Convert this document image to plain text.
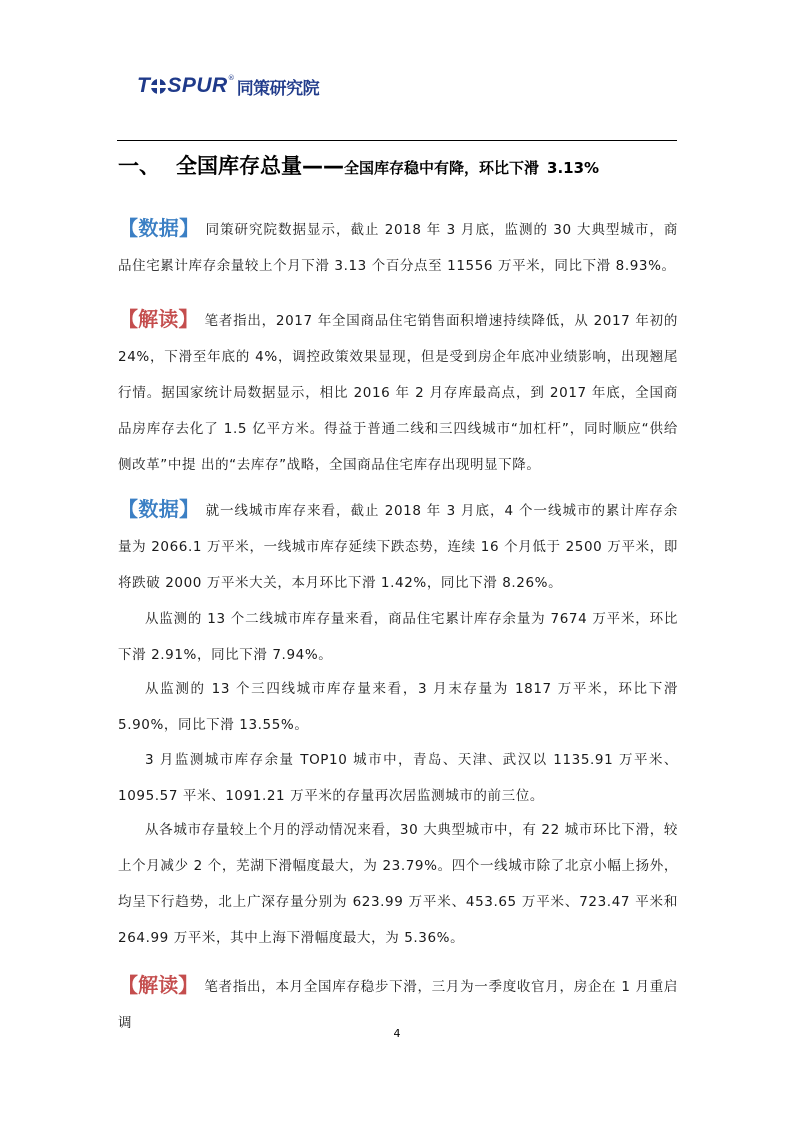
T SPUR ®
同策研究院
一、 全国库存总量——全国库存稳中有降，环比下滑 3.13%
【数据】 同策研究院数据显示，截止 2018 年 3 月底，监测的 30 大典型城市，商品住宅累计库存余量较上个月下滑 3.13 个百分点至 11556 万平米，同比下滑 8.93%。
【解读】 笔者指出，2017 年全国商品住宅销售面积增速持续降低，从 2017 年初的 24%，下滑至年底的 4%，调控政策效果显现，但是受到房企年底冲业绩影响，出现翘尾行情。据国家统计局数据显示，相比 2016 年 2 月存库最高点，到 2017 年底，全国商品房库存去化了 1.5 亿平方米。得益于普通二线和三四线城市“加杠杆”，同时顺应“供给侧改革”中提 出的“去库存”战略，全国商品住宅库存出现明显下降。
【数据】 就一线城市库存来看，截止 2018 年 3 月底，4 个一线城市的累计库存余量为 2066.1 万平米，一线城市库存延续下跌态势，连续 16 个月低于 2500 万平米，即将跌破 2000 万平米大关，本月环比下滑 1.42%，同比下滑 8.26%。
从监测的 13 个二线城市库存量来看，商品住宅累计库存余量为 7674 万平米，环比下滑 2.91%，同比下滑 7.94%。
从监测的 13 个三四线城市库存量来看，3 月末存量为 1817 万平米，环比下滑 5.90%，同比下滑 13.55%。
3 月监测城市库存余量 TOP10 城市中，青岛、天津、武汉以 1135.91 万平米、1095.57 平米、1091.21 万平米的存量再次居监测城市的前三位。
从各城市存量较上个月的浮动情况来看，30 大典型城市中，有 22 城市环比下滑，较上个月减少 2 个，芜湖下滑幅度最大，为 23.79%。四个一线城市除了北京小幅上扬外，均呈下行趋势，北上广深存量分别为 623.99 万平米、453.65 万平米、723.47 平米和 264.99 万平米，其中上海下滑幅度最大，为 5.36%。
【解读】 笔者指出，本月全国库存稳步下滑，三月为一季度收官月，房企在 1 月重启调
4
